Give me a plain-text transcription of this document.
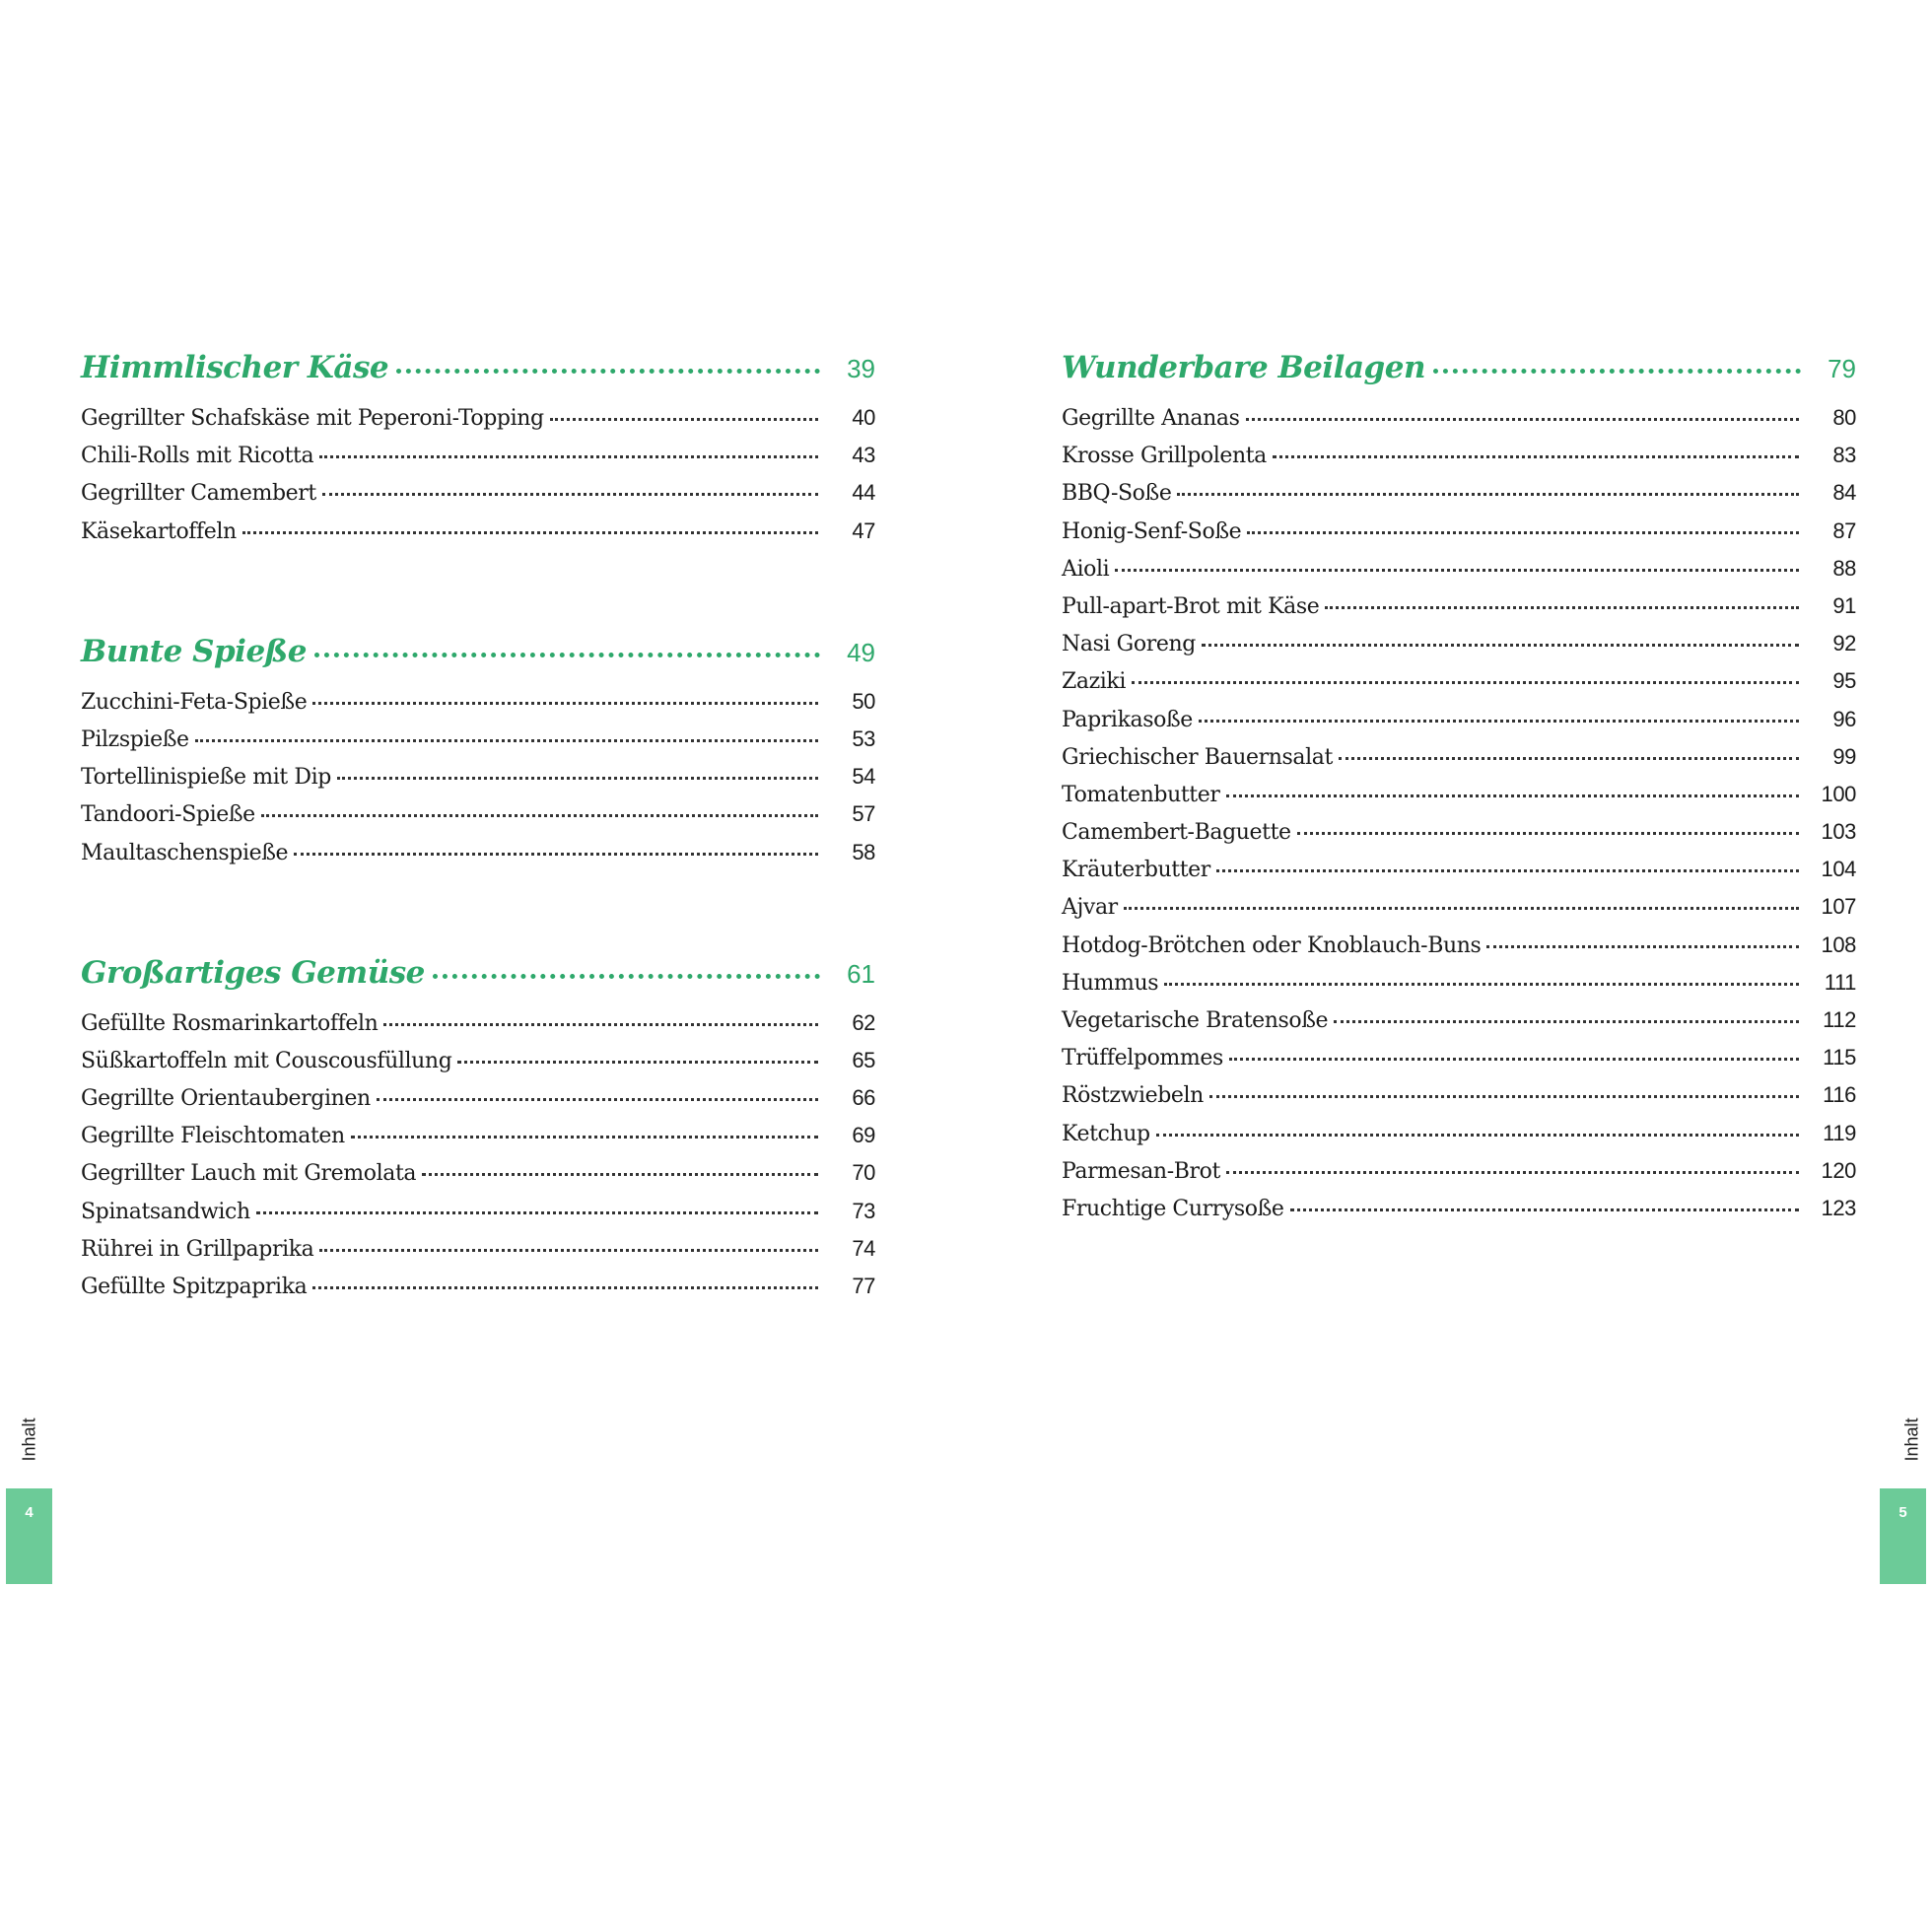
Himmlischer Käse	39
Gegrillter Schafskäse mit Peperoni-Topping	40
Chili-Rolls mit Ricotta	43
Gegrillter Camembert	44
Käsekartoffeln	47
Bunte Spieße	49
Zucchini-Feta-Spieße	50
Pilzspieße	53
Tortellinispieße mit Dip	54
Tandoori-Spieße	57
Maultaschenspieße	58
Großartiges Gemüse	61
Gefüllte Rosmarinkartoffeln	62
Süßkartoffeln mit Couscousfüllung	65
Gegrillte Orientauberginen	66
Gegrillte Fleischtomaten	69
Gegrillter Lauch mit Gremolata	70
Spinatsandwich	73
Rührei in Grillpaprika	74
Gefüllte Spitzpaprika	77
Wunderbare Beilagen	79
Gegrillte Ananas	80
Krosse Grillpolenta	83
BBQ-Soße	84
Honig-Senf-Soße	87
Aioli	88
Pull-apart-Brot mit Käse	91
Nasi Goreng	92
Zaziki	95
Paprikasoße	96
Griechischer Bauernsalat	99
Tomatenbutter	100
Camembert-Baguette	103
Kräuterbutter	104
Ajvar	107
Hotdog-Brötchen oder Knoblauch-Buns	108
Hummus	111
Vegetarische Bratensoße	112
Trüffelpommes	115
Röstzwiebeln	116
Ketchup	119
Parmesan-Brot	120
Fruchtige Currysoße	123
Inhalt
4
Inhalt
5
